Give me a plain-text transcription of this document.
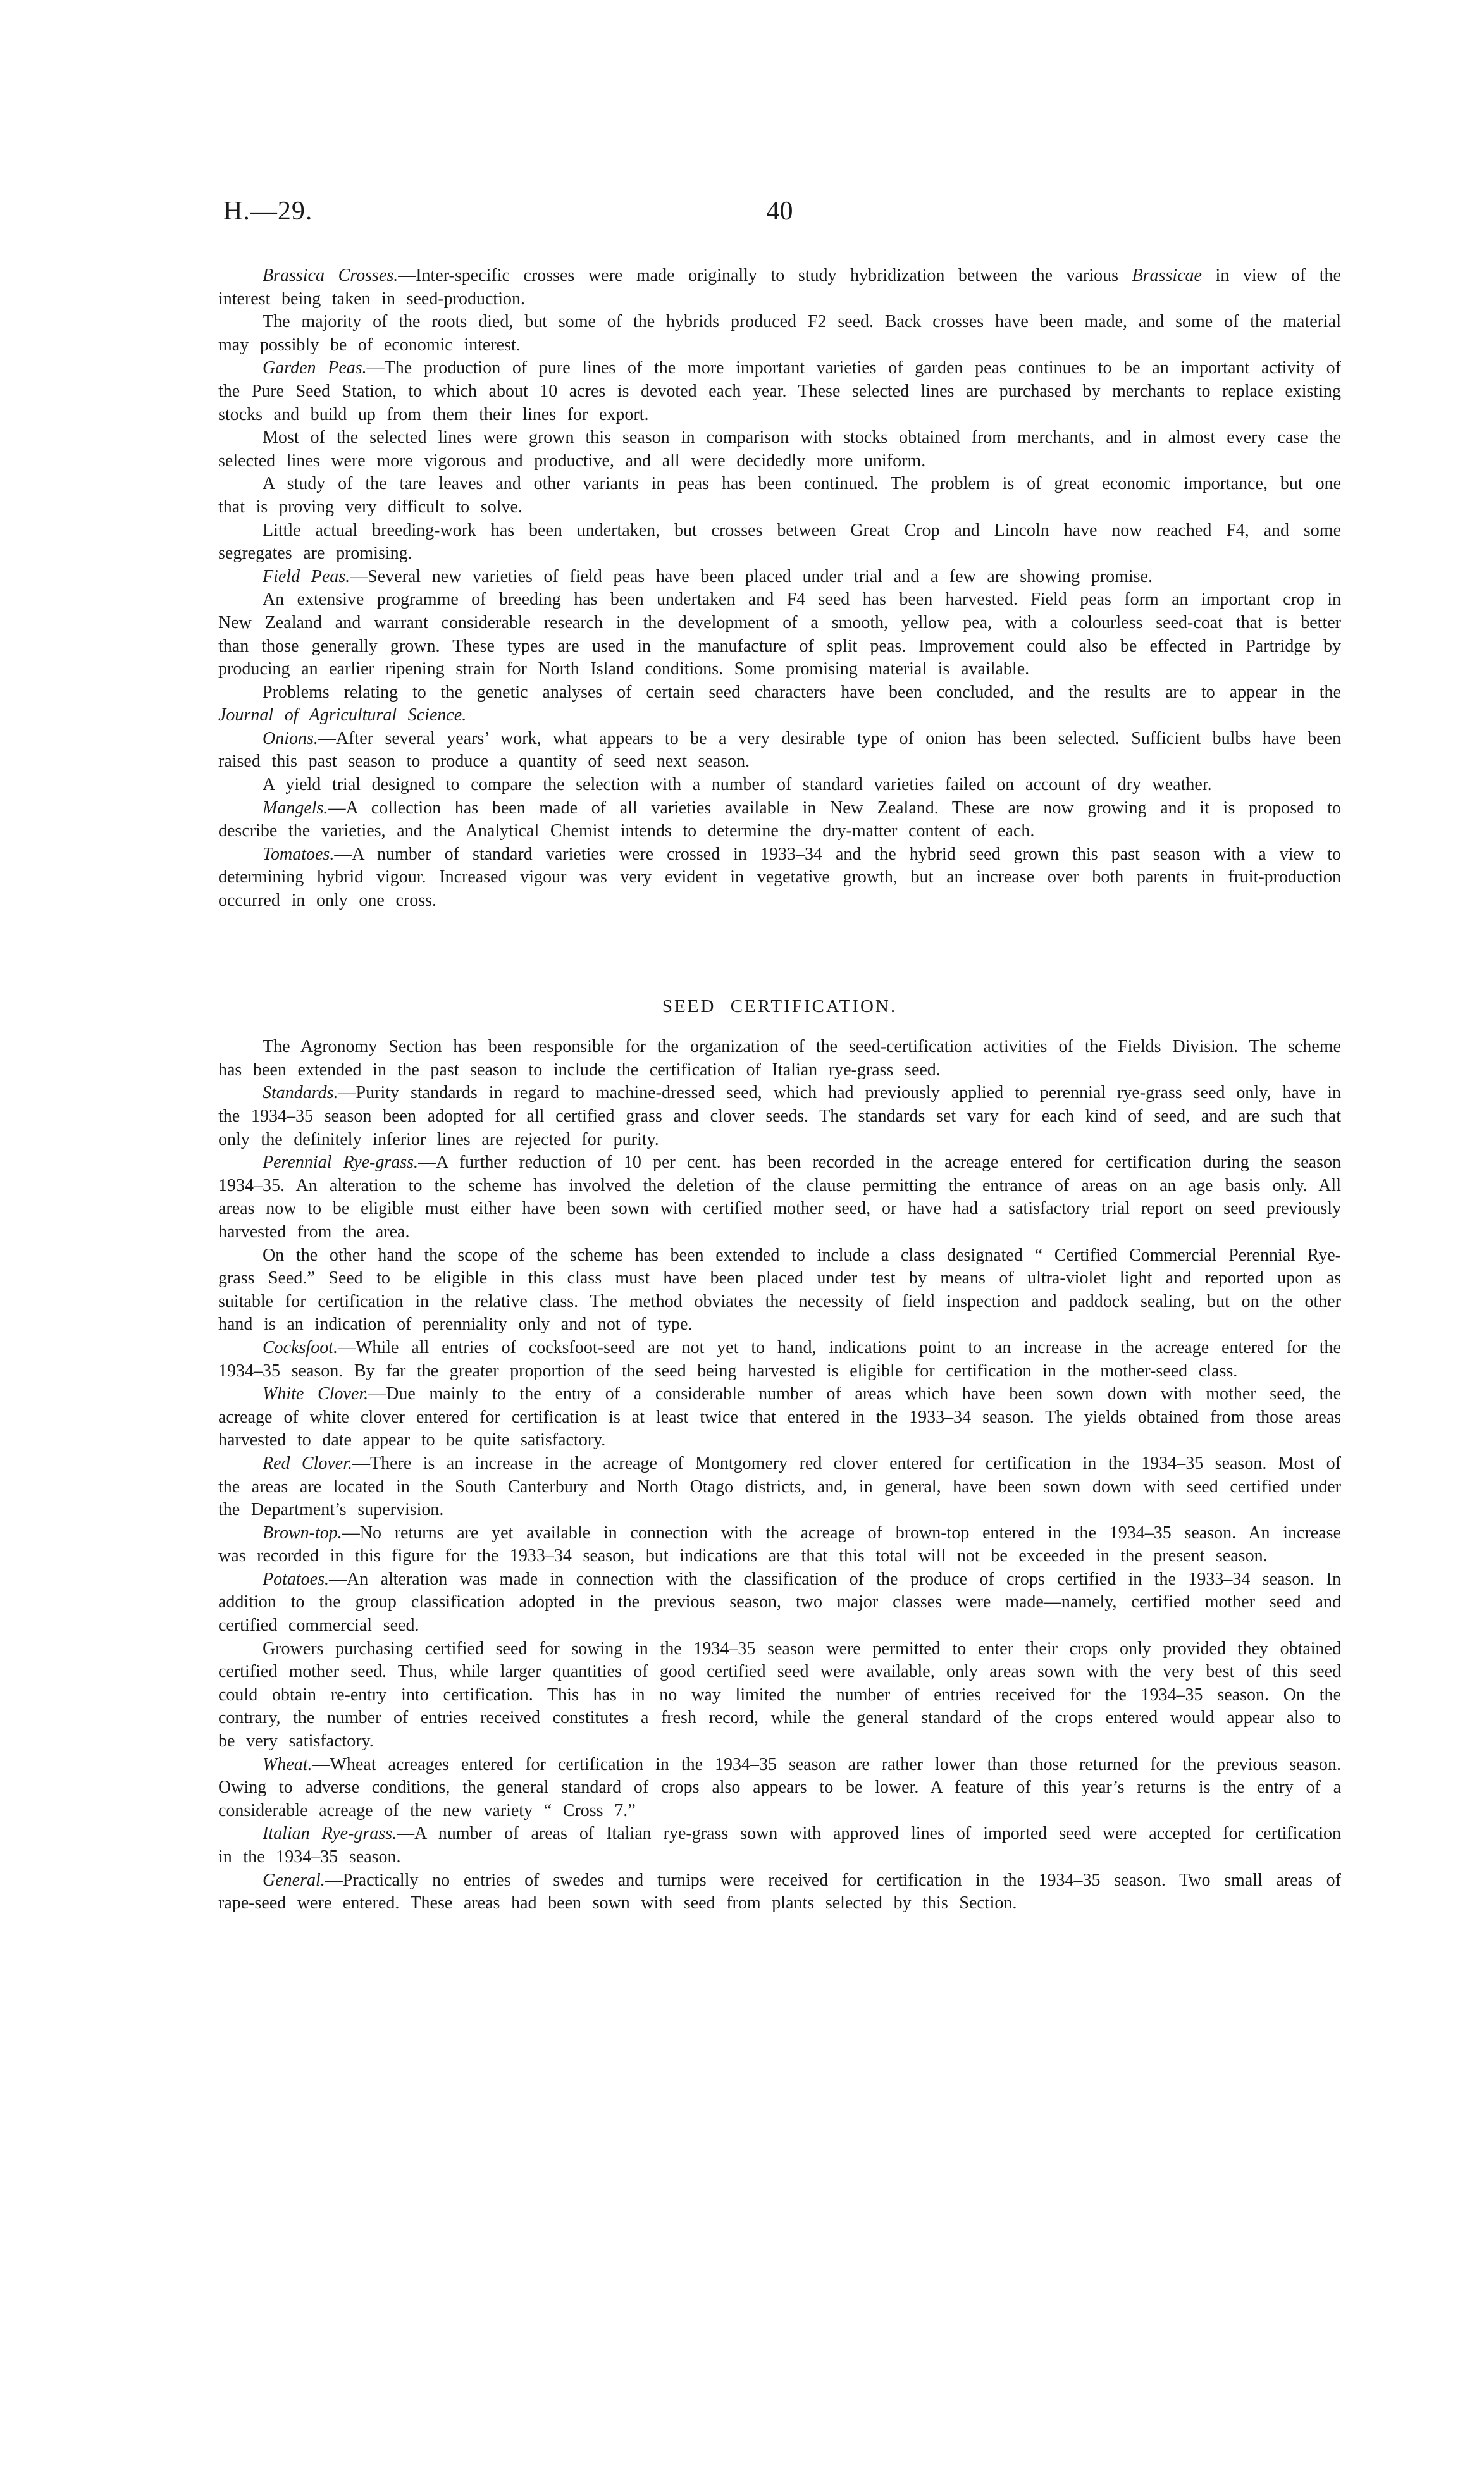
H.—29.	40

Brassica Crosses.—Inter-specific crosses were made originally to study hybridization between the various Brassicae in view of the interest being taken in seed-production.

The majority of the roots died, but some of the hybrids produced F2 seed. Back crosses have been made, and some of the material may possibly be of economic interest.

Garden Peas.—The production of pure lines of the more important varieties of garden peas continues to be an important activity of the Pure Seed Station, to which about 10 acres is devoted each year. These selected lines are purchased by merchants to replace existing stocks and build up from them their lines for export.

Most of the selected lines were grown this season in comparison with stocks obtained from merchants, and in almost every case the selected lines were more vigorous and productive, and all were decidedly more uniform.

A study of the tare leaves and other variants in peas has been continued. The problem is of great economic importance, but one that is proving very difficult to solve.

Little actual breeding-work has been undertaken, but crosses between Great Crop and Lincoln have now reached F4, and some segregates are promising.

Field Peas.—Several new varieties of field peas have been placed under trial and a few are showing promise.

An extensive programme of breeding has been undertaken and F4 seed has been harvested. Field peas form an important crop in New Zealand and warrant considerable research in the development of a smooth, yellow pea, with a colourless seed-coat that is better than those generally grown. These types are used in the manufacture of split peas. Improvement could also be effected in Partridge by producing an earlier ripening strain for North Island conditions. Some promising material is available.

Problems relating to the genetic analyses of certain seed characters have been concluded, and the results are to appear in the Journal of Agricultural Science.

Onions.—After several years’ work, what appears to be a very desirable type of onion has been selected. Sufficient bulbs have been raised this past season to produce a quantity of seed next season.

A yield trial designed to compare the selection with a number of standard varieties failed on account of dry weather.

Mangels.—A collection has been made of all varieties available in New Zealand. These are now growing and it is proposed to describe the varieties, and the Analytical Chemist intends to determine the dry-matter content of each.

Tomatoes.—A number of standard varieties were crossed in 1933–34 and the hybrid seed grown this past season with a view to determining hybrid vigour. Increased vigour was very evident in vegetative growth, but an increase over both parents in fruit-production occurred in only one cross.

SEED CERTIFICATION.

The Agronomy Section has been responsible for the organization of the seed-certification activities of the Fields Division. The scheme has been extended in the past season to include the certification of Italian rye-grass seed.

Standards.—Purity standards in regard to machine-dressed seed, which had previously applied to perennial rye-grass seed only, have in the 1934–35 season been adopted for all certified grass and clover seeds. The standards set vary for each kind of seed, and are such that only the definitely inferior lines are rejected for purity.

Perennial Rye-grass.—A further reduction of 10 per cent. has been recorded in the acreage entered for certification during the season 1934–35. An alteration to the scheme has involved the deletion of the clause permitting the entrance of areas on an age basis only. All areas now to be eligible must either have been sown with certified mother seed, or have had a satisfactory trial report on seed previously harvested from the area.

On the other hand the scope of the scheme has been extended to include a class designated “ Certified Commercial Perennial Rye-grass Seed.” Seed to be eligible in this class must have been placed under test by means of ultra-violet light and reported upon as suitable for certification in the relative class. The method obviates the necessity of field inspection and paddock sealing, but on the other hand is an indication of perenniality only and not of type.

Cocksfoot.—While all entries of cocksfoot-seed are not yet to hand, indications point to an increase in the acreage entered for the 1934–35 season. By far the greater proportion of the seed being harvested is eligible for certification in the mother-seed class.

White Clover.—Due mainly to the entry of a considerable number of areas which have been sown down with mother seed, the acreage of white clover entered for certification is at least twice that entered in the 1933–34 season. The yields obtained from those areas harvested to date appear to be quite satisfactory.

Red Clover.—There is an increase in the acreage of Montgomery red clover entered for certification in the 1934–35 season. Most of the areas are located in the South Canterbury and North Otago districts, and, in general, have been sown down with seed certified under the Department’s supervision.

Brown-top.—No returns are yet available in connection with the acreage of brown-top entered in the 1934–35 season. An increase was recorded in this figure for the 1933–34 season, but indications are that this total will not be exceeded in the present season.

Potatoes.—An alteration was made in connection with the classification of the produce of crops certified in the 1933–34 season. In addition to the group classification adopted in the previous season, two major classes were made—namely, certified mother seed and certified commercial seed.

Growers purchasing certified seed for sowing in the 1934–35 season were permitted to enter their crops only provided they obtained certified mother seed. Thus, while larger quantities of good certified seed were available, only areas sown with the very best of this seed could obtain re-entry into certification. This has in no way limited the number of entries received for the 1934–35 season. On the contrary, the number of entries received constitutes a fresh record, while the general standard of the crops entered would appear also to be very satisfactory.

Wheat.—Wheat acreages entered for certification in the 1934–35 season are rather lower than those returned for the previous season. Owing to adverse conditions, the general standard of crops also appears to be lower. A feature of this year’s returns is the entry of a considerable acreage of the new variety “ Cross 7.”

Italian Rye-grass.—A number of areas of Italian rye-grass sown with approved lines of imported seed were accepted for certification in the 1934–35 season.

General.—Practically no entries of swedes and turnips were received for certification in the 1934–35 season. Two small areas of rape-seed were entered. These areas had been sown with seed from plants selected by this Section.
